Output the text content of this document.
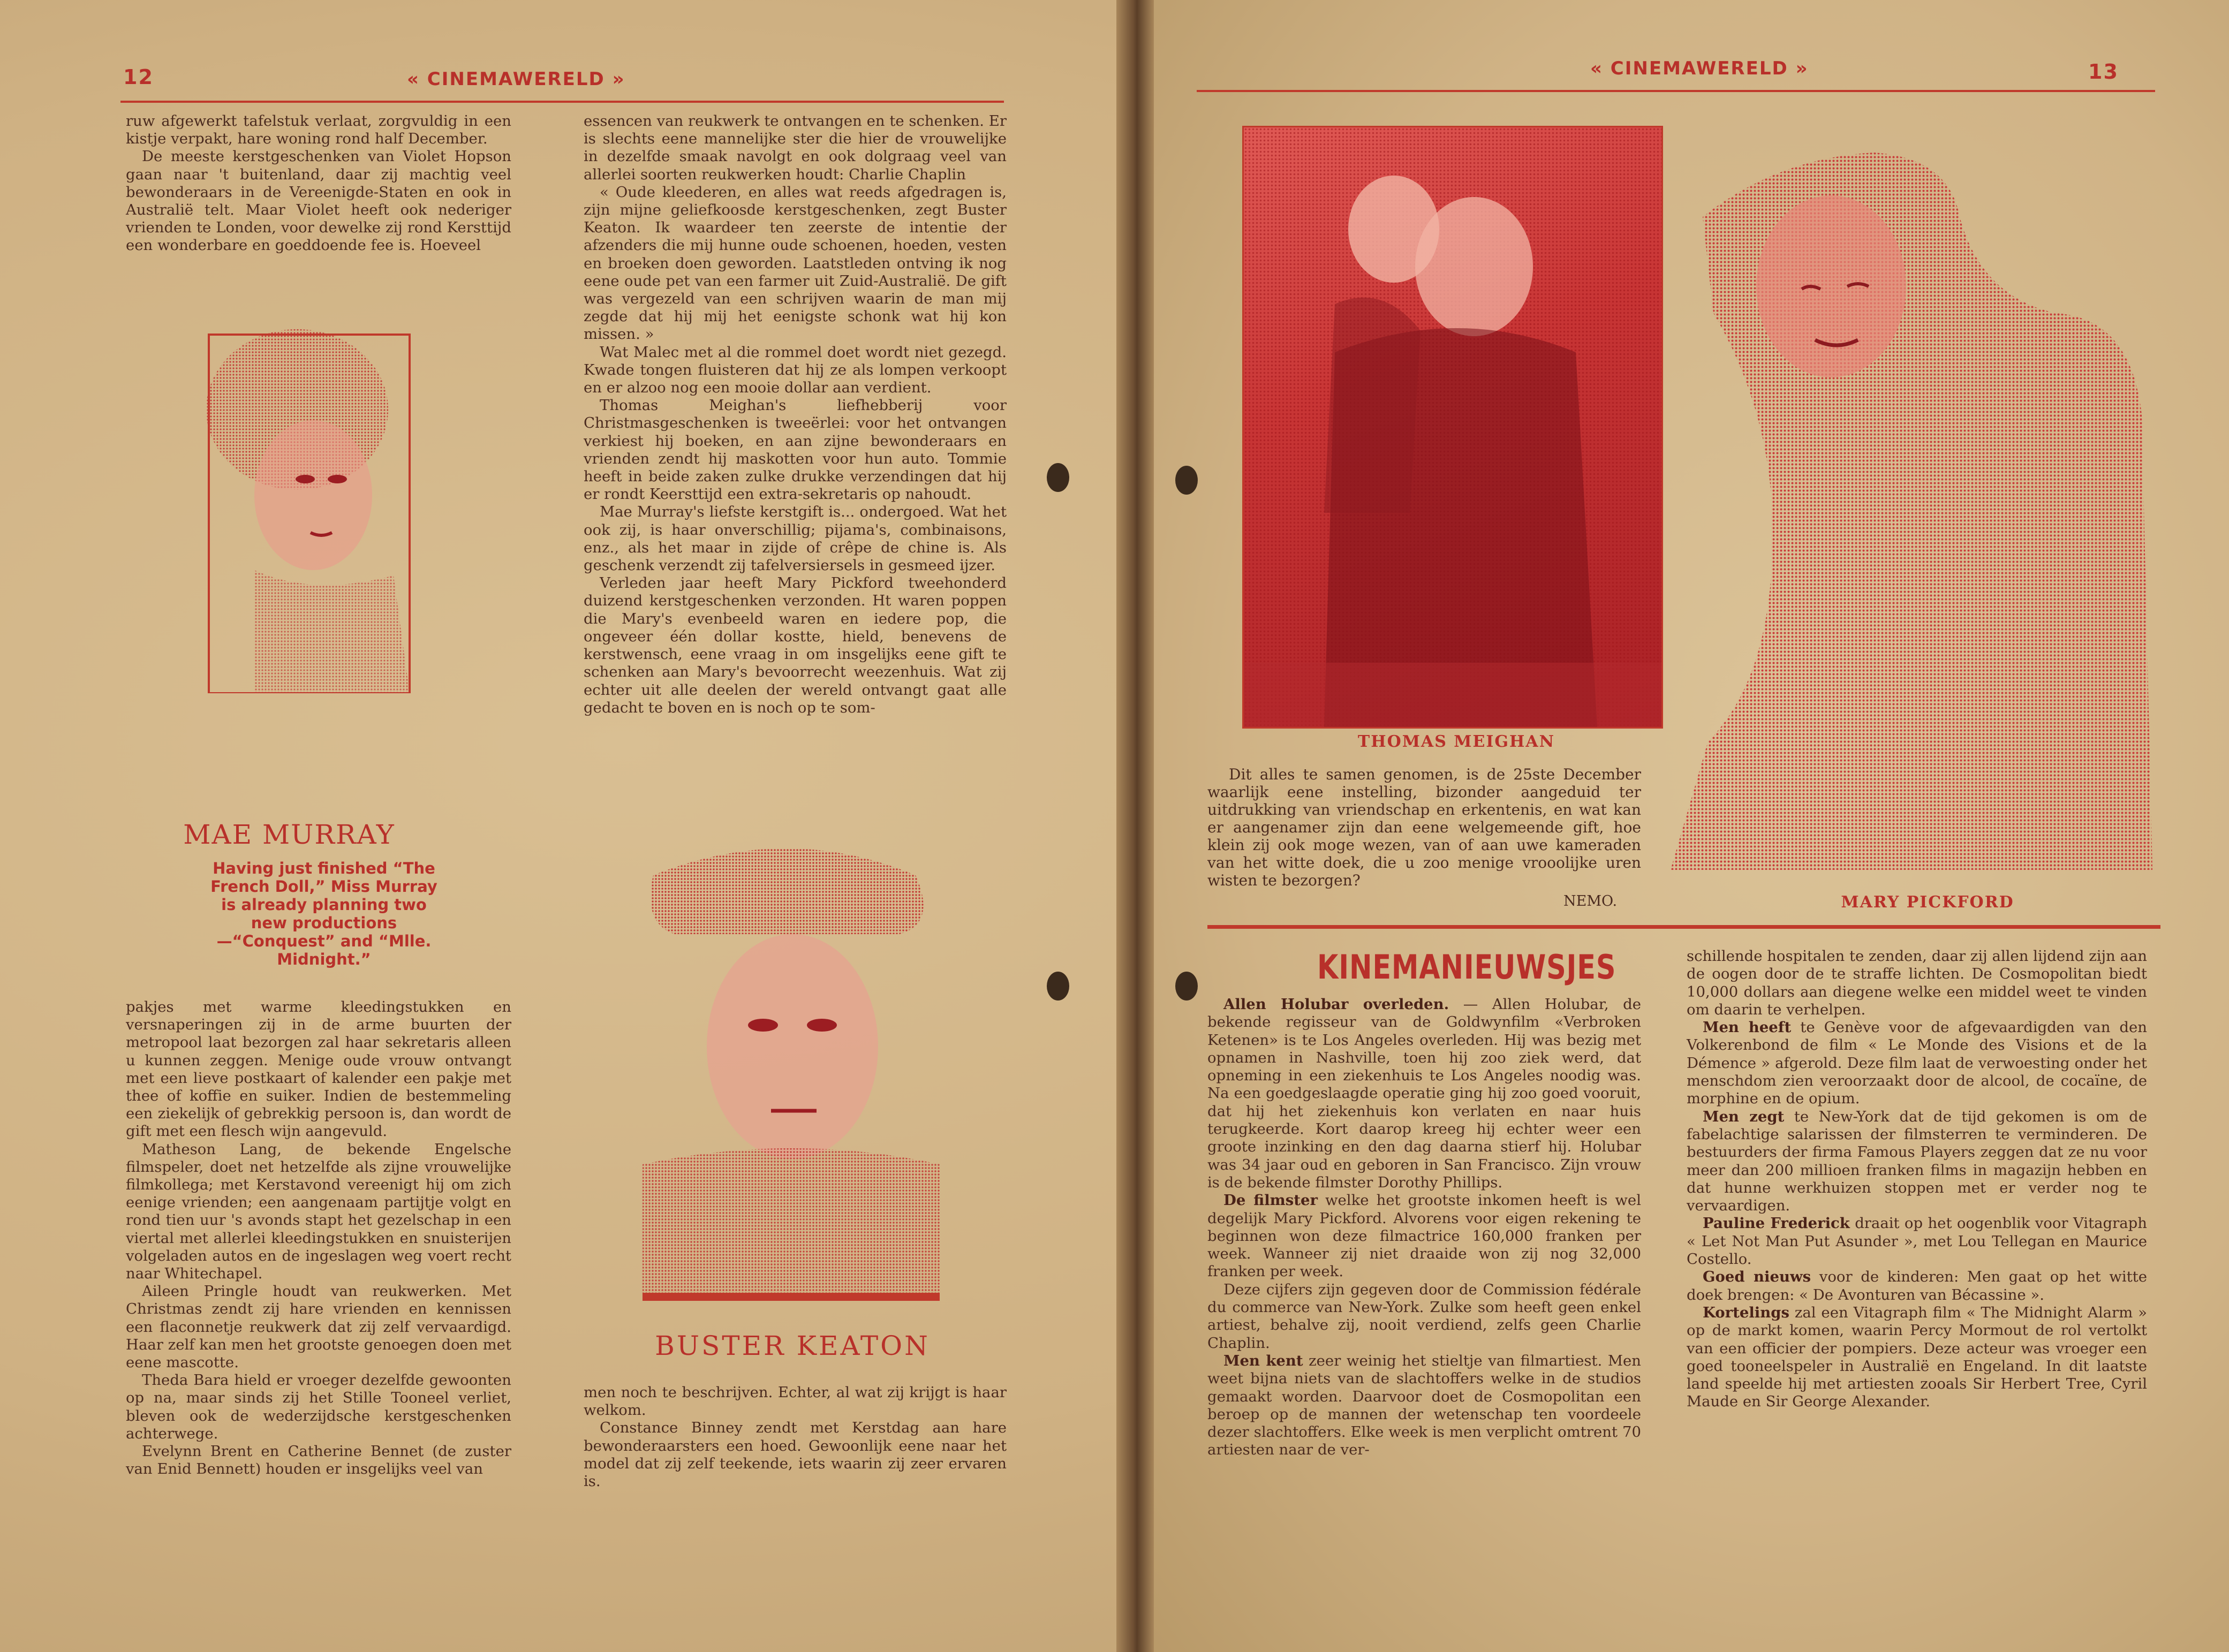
12	« CINEMAWERELD »

ruw afgewerkt tafelstuk verlaat, zorgvuldig in een kistje verpakt, hare woning rond half December.

De meeste kerstgeschenken van Violet Hopson gaan naar 't buitenland, daar zij machtig veel bewonderaars in de Vereenigde-Staten en ook in Australië telt. Maar Violet heeft ook nederiger vrienden te Londen, voor dewelke zij rond Kersttijd een wonderbare en goeddoende fee is. Hoeveel

MAE MURRAY
Having just finished “The French Doll,” Miss Murray is already planning two new productions—“Conquest” and “Mlle. Midnight.”

pakjes met warme kleedingstukken en versnaperingen zij in de arme buurten der metropool laat bezorgen zal haar sekretaris alleen u kunnen zeggen. Menige oude vrouw ontvangt met een lieve postkaart of kalender een pakje met thee of koffie en suiker. Indien de bestemmeling een ziekelijk of gebrekkig persoon is, dan wordt de gift met een flesch wijn aangevuld.

Matheson Lang, de bekende Engelsche filmspeler, doet net hetzelfde als zijne vrouwelijke filmkollega; met Kerstavond vereenigt hij om zich eenige vrienden; een aangenaam partijtje volgt en rond tien uur 's avonds stapt het gezelschap in een viertal met allerlei kleedingstukken en snuisterijen volgeladen autos en de ingeslagen weg voert recht naar Whitechapel.

Aileen Pringle houdt van reukwerken. Met Christmas zendt zij hare vrienden en kennissen een flaconnetje reukwerk dat zij zelf vervaardigd. Haar zelf kan men het grootste genoegen doen met eene mascotte.

Theda Bara hield er vroeger dezelfde gewoonten op na, maar sinds zij het Stille Tooneel verliet, bleven ook de wederzijdsche kerstgeschenken achterwege.

Evelynn Brent en Catherine Bennet (de zuster van Enid Bennett) houden er insgelijks veel van

essencen van reukwerk te ontvangen en te schenken. Er is slechts eene mannelijke ster die hier de vrouwelijke in dezelfde smaak navolgt en ook dolgraag veel van allerlei soorten reukwerken houdt: Charlie Chaplin

« Oude kleederen, en alles wat reeds afgedragen is, zijn mijne geliefkoosde kerstgeschenken, zegt Buster Keaton. Ik waardeer ten zeerste de intentie der afzenders die mij hunne oude schoenen, hoeden, vesten en broeken doen geworden. Laatstleden ontving ik nog eene oude pet van een farmer uit Zuid-Australië. De gift was vergezeld van een schrijven waarin de man mij zegde dat hij mij het eenigste schonk wat hij kon missen. »

Wat Malec met al die rommel doet wordt niet gezegd. Kwade tongen fluisteren dat hij ze als lompen verkoopt en er alzoo nog een mooie dollar aan verdient.

Thomas Meighan's liefhebberij voor Christmasgeschenken is tweeërlei: voor het ontvangen verkiest hij boeken, en aan zijne bewonderaars en vrienden zendt hij maskotten voor hun auto. Tommie heeft in beide zaken zulke drukke verzendingen dat hij er rondt Keersttijd een extra-sekretaris op nahoudt.

Mae Murray's liefste kerstgift is... ondergoed. Wat het ook zij, is haar onverschillig; pijama's, combinaisons, enz., als het maar in zijde of crêpe de chine is. Als geschenk verzendt zij tafelversiersels in gesmeed ijzer.

Verleden jaar heeft Mary Pickford tweehonderd duizend kerstgeschenken verzonden. Ht waren poppen die Mary's evenbeeld waren en iedere pop, die ongeveer één dollar kostte, hield, benevens de kerstwensch, eene vraag in om insgelijks eene gift te schenken aan Mary's bevoorrecht weezenhuis. Wat zij echter uit alle deelen der wereld ontvangt gaat alle gedacht te boven en is noch op te som-

BUSTER KEATON

men noch te beschrijven. Echter, al wat zij krijgt is haar welkom.

Constance Binney zendt met Kerstdag aan hare bewonderaarsters een hoed. Gewoonlijk eene naar het model dat zij zelf teekende, iets waarin zij zeer ervaren is.

« CINEMAWERELD »	13
THOMAS MEIGHAN
MARY PICKFORD

Dit alles te samen genomen, is de 25ste December waarlijk eene instelling, bizonder aangeduid ter uitdrukking van vriendschap en erkentenis, en wat kan er aangenamer zijn dan eene welgemeende gift, hoe klein zij ook moge wezen, van of aan uwe kameraden van het witte doek, die u zoo menige vrooolijke uren wisten te bezorgen?

NEMO.
KINEMANIEUWSJES

Allen Holubar overleden. — Allen Holubar, de bekende regisseur van de Goldwynfilm «Verbroken Ketenen» is te Los Angeles overleden. Hij was bezig met opnamen in Nashville, toen hij zoo ziek werd, dat opneming in een ziekenhuis te Los Angeles noodig was. Na een goedgeslaagde operatie ging hij zoo goed vooruit, dat hij het ziekenhuis kon verlaten en naar huis terugkeerde. Kort daarop kreeg hij echter weer een groote inzinking en den dag daarna stierf hij. Holubar was 34 jaar oud en geboren in San Francisco. Zijn vrouw is de bekende filmster Dorothy Phillips.

De filmster welke het grootste inkomen heeft is wel degelijk Mary Pickford. Alvorens voor eigen rekening te beginnen won deze filmactrice 160,000 franken per week. Wanneer zij niet draaide won zij nog 32,000 franken per week.

Deze cijfers zijn gegeven door de Commission fédérale du commerce van New-York. Zulke som heeft geen enkel artiest, behalve zij, nooit verdiend, zelfs geen Charlie Chaplin.

Men kent zeer weinig het stieltje van filmartiest. Men weet bijna niets van de slachtoffers welke in de studios gemaakt worden. Daarvoor doet de Cosmopolitan een beroep op de mannen der wetenschap ten voordeele dezer slachtoffers. Elke week is men verplicht omtrent 70 artiesten naar de ver-

schillende hospitalen te zenden, daar zij allen lijdend zijn aan de oogen door de te straffe lichten. De Cosmopolitan biedt 10,000 dollars aan diegene welke een middel weet te vinden om daarin te verhelpen.

Men heeft te Genève voor de afgevaardigden van den Volkerenbond de film « Le Monde des Visions et de la Démence » afgerold. Deze film laat de verwoesting onder het menschdom zien veroorzaakt door de alcool, de cocaïne, de morphine en de opium.

Men zegt te New-York dat de tijd gekomen is om de fabelachtige salarissen der filmsterren te verminderen. De bestuurders der firma Famous Players zeggen dat ze nu voor meer dan 200 millioen franken films in magazijn hebben en dat hunne werkhuizen stoppen met er verder nog te vervaardigen.

Pauline Frederick draait op het oogenblik voor Vitagraph « Let Not Man Put Asunder », met Lou Tellegan en Maurice Costello.

Goed nieuws voor de kinderen: Men gaat op het witte doek brengen: « De Avonturen van Bécassine ».

Kortelings zal een Vitagraph film « The Midnight Alarm » op de markt komen, waarin Percy Mormout de rol vertolkt van een officier der pompiers. Deze acteur was vroeger een goed tooneelspeler in Australië en Engeland. In dit laatste land speelde hij met artiesten zooals Sir Herbert Tree, Cyril Maude en Sir George Alexander.
